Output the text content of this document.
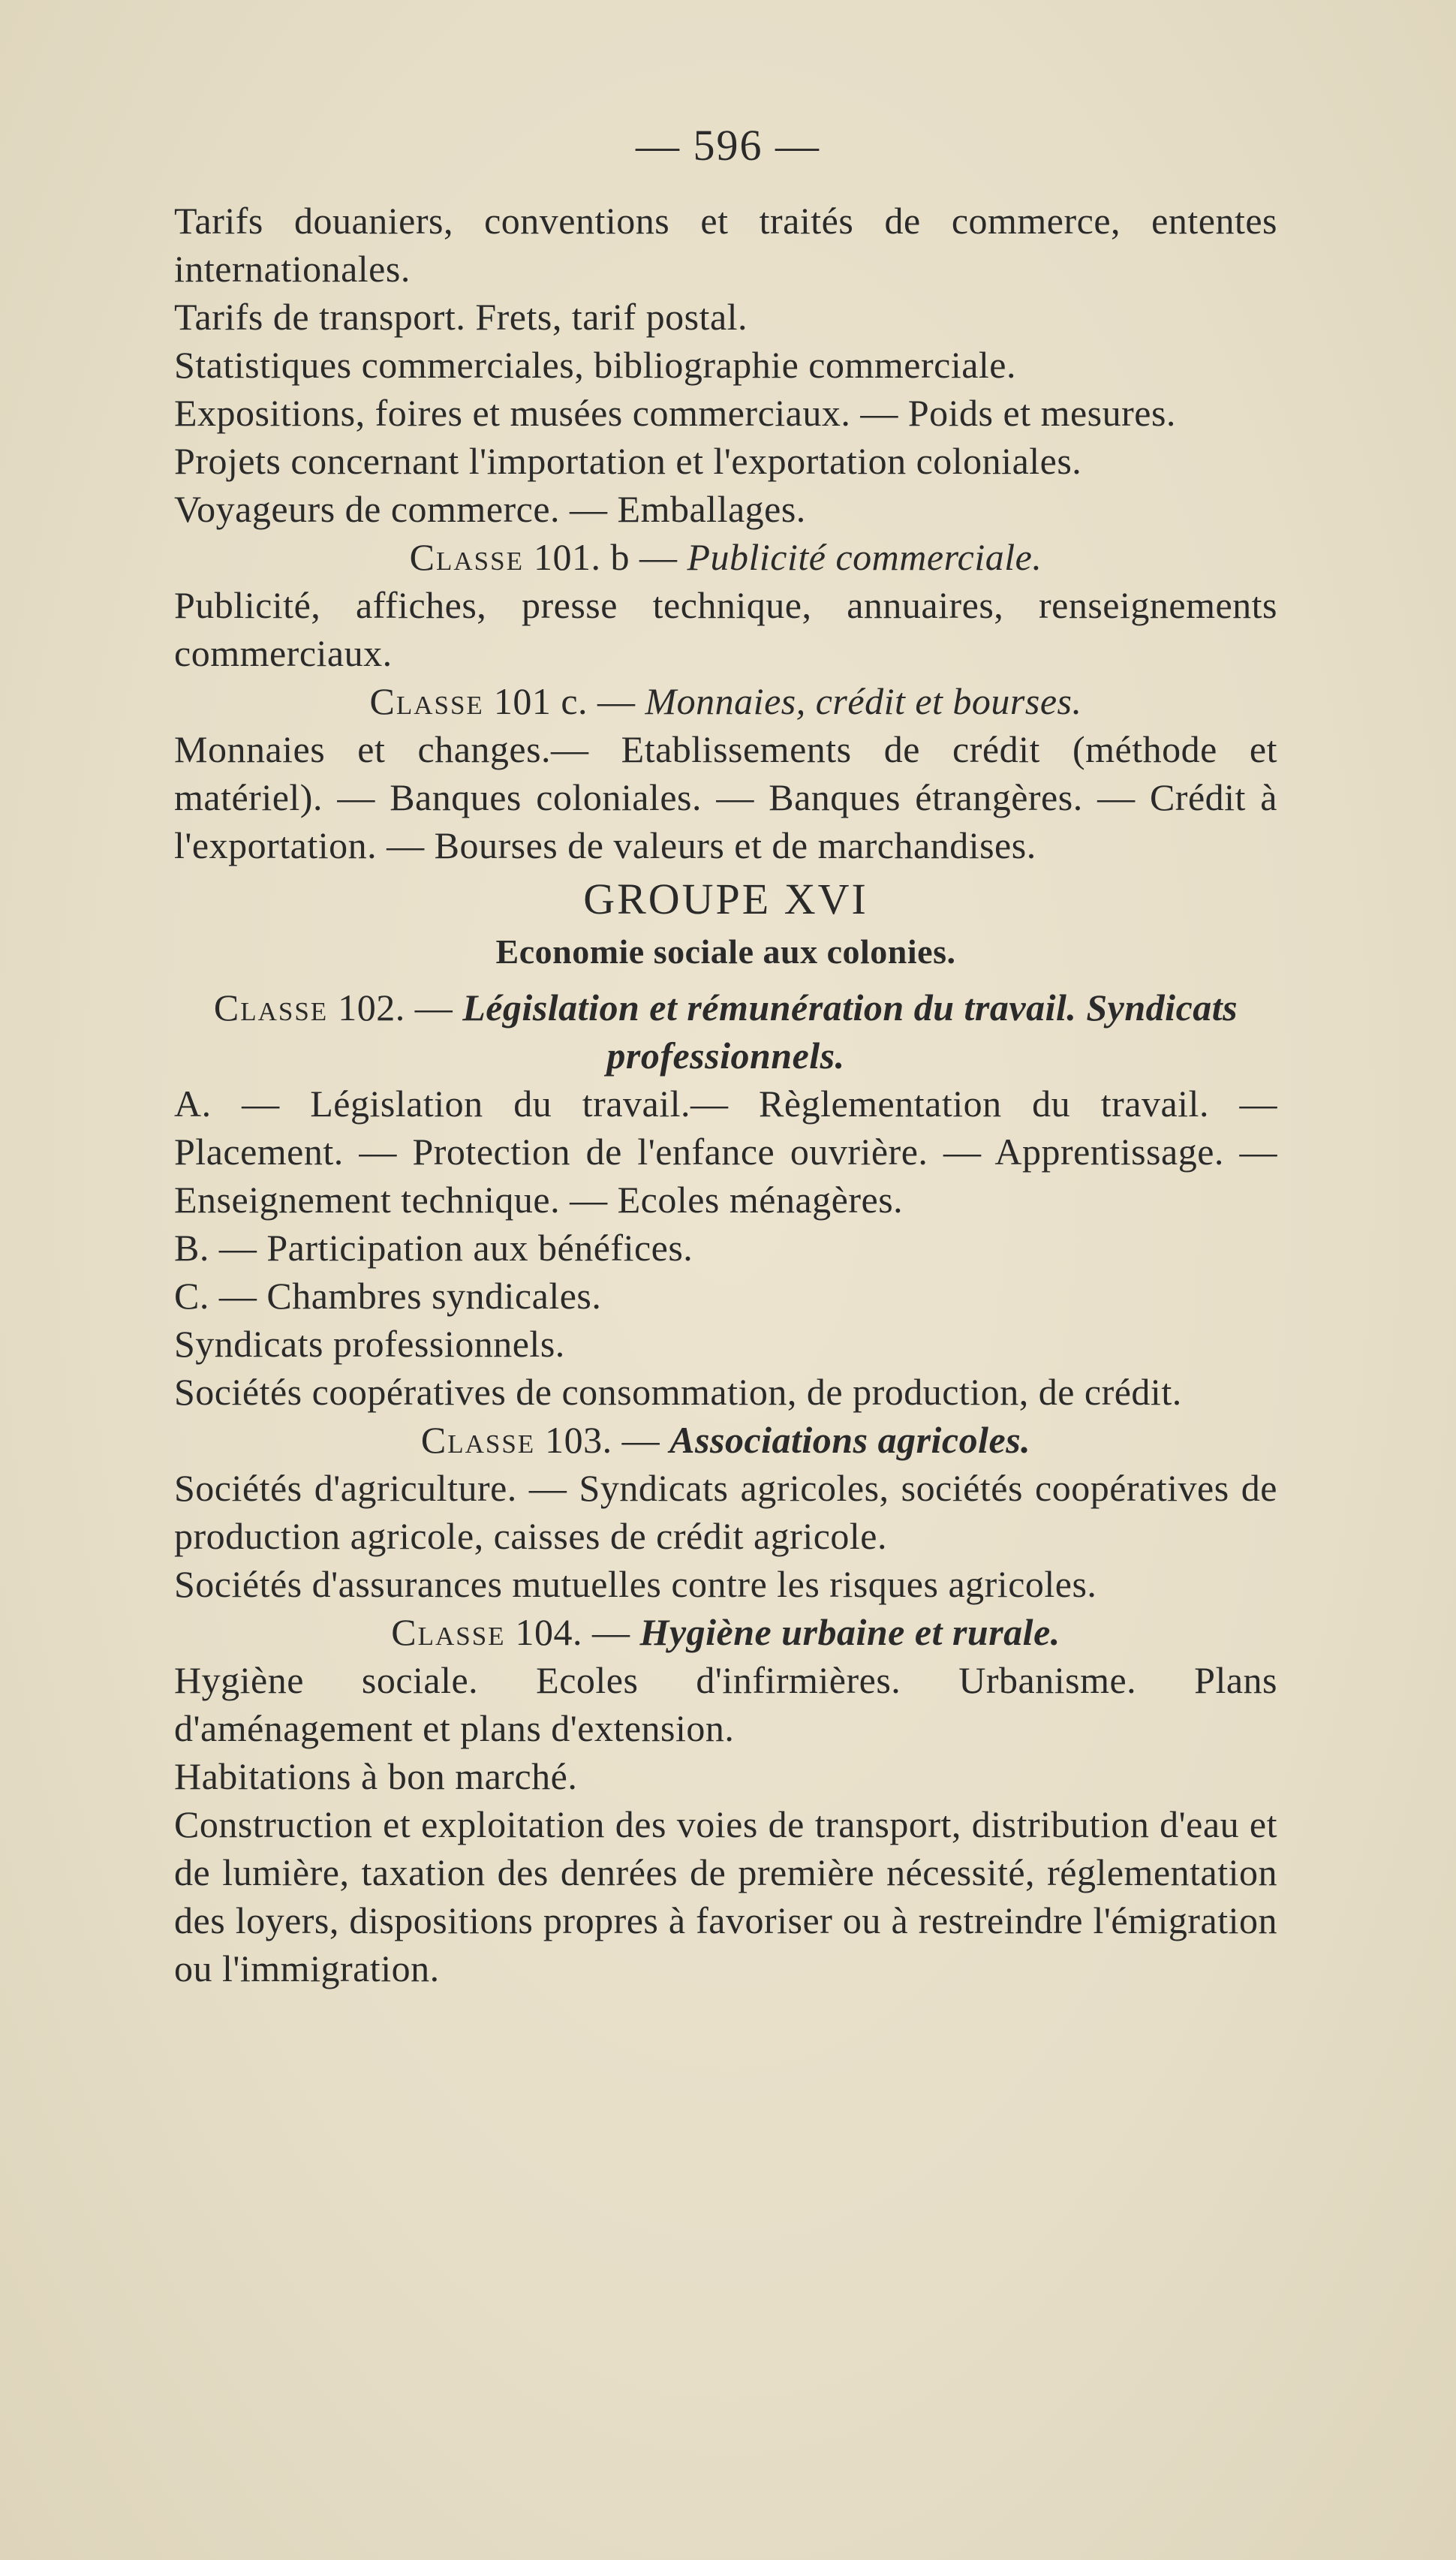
— 596 —

Tarifs douaniers, conventions et traités de commerce, ententes internationales.

Tarifs de transport. Frets, tarif postal.

Statistiques commerciales, bibliographie commerciale.

Expositions, foires et musées commerciaux. — Poids et mesures.

Projets concernant l'importation et l'exportation coloniales.

Voyageurs de commerce. — Emballages.

Classe 101. b — Publicité commerciale.

Publicité, affiches, presse technique, annuaires, renseignements commerciaux.

Classe 101 c. — Monnaies, crédit et bourses.

Monnaies et changes.— Etablissements de crédit (méthode et matériel). — Banques coloniales. — Banques étrangères. — Crédit à l'exportation. — Bourses de valeurs et de marchandises.

GROUPE XVI
Economie sociale aux colonies.

Classe 102. — Législation et rémunération du travail. Syndicats professionnels.

A. — Législation du travail.— Règlementation du travail. — Placement. — Protection de l'enfance ouvrière. — Apprentissage. — Enseignement technique. — Ecoles ménagères.

B. — Participation aux bénéfices.

C. — Chambres syndicales.

Syndicats professionnels.

Sociétés coopératives de consommation, de production, de crédit.

Classe 103. — Associations agricoles.

Sociétés d'agriculture. — Syndicats agricoles, sociétés coopératives de production agricole, caisses de crédit agricole.

Sociétés d'assurances mutuelles contre les risques agricoles.

Classe 104. — Hygiène urbaine et rurale.

Hygiène sociale. Ecoles d'infirmières. Urbanisme. Plans d'aménagement et plans d'extension.

Habitations à bon marché.

Construction et exploitation des voies de transport, distribution d'eau et de lumière, taxation des denrées de première nécessité, réglementation des loyers, dispositions propres à favoriser ou à restreindre l'émigration ou l'immigration.
